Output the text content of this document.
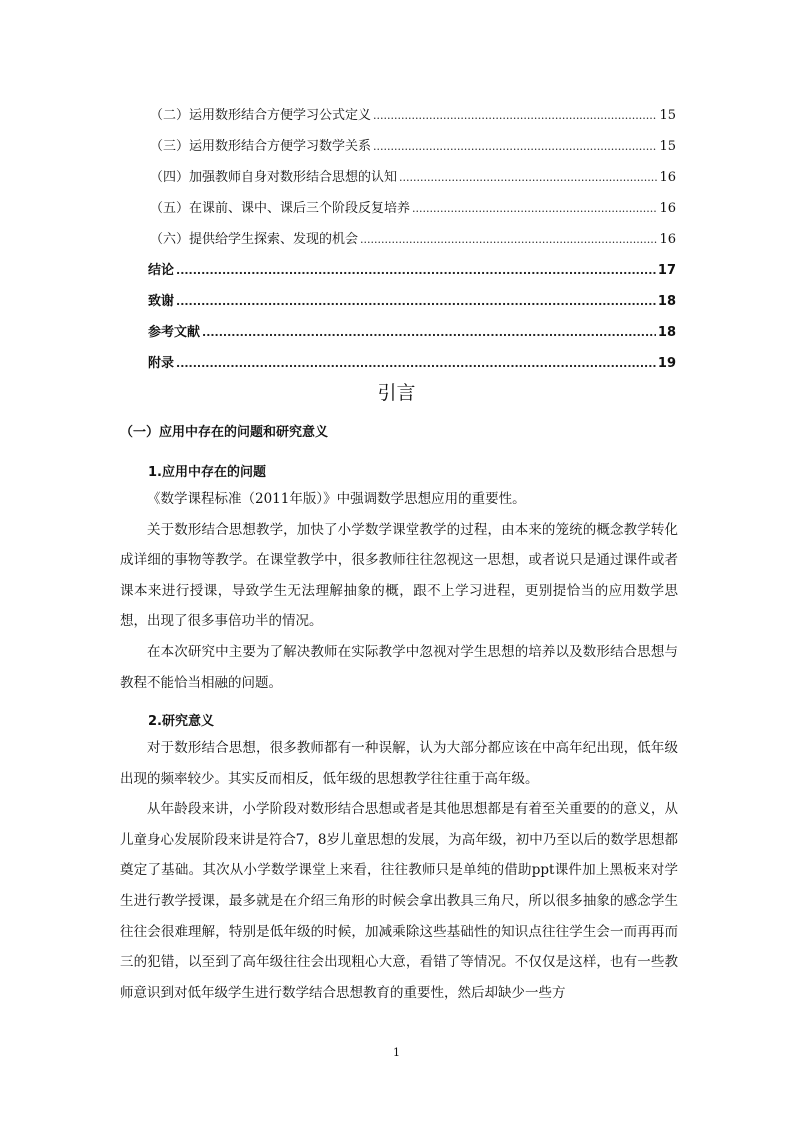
（二）运用数形结合方便学习公式定义 .....	15
（三）运用数形结合方便学习数学关系 .....	15
（四）加强教师自身对数形结合思想的认知 .....	16
（五）在课前、课中、课后三个阶段反复培养 .....	16
（六）提供给学生探索、发现的机会 .....	16
结论 .....	17
致谢 .....	18
参考文献 .....	18
附录 .....	19
引言
（一）应用中存在的问题和研究意义
1.应用中存在的问题

《数学课程标准（2011年版）》中强调数学思想应用的重要性。

关于数形结合思想教学，加快了小学数学课堂教学的过程，由本来的笼统的概念教学转化成详细的事物等教学。在课堂教学中，很多教师往往忽视这一思想，或者说只是通过课件或者课本来进行授课，导致学生无法理解抽象的概，跟不上学习进程，更别提恰当的应用数学思想，出现了很多事倍功半的情况。

在本次研究中主要为了解决教师在实际教学中忽视对学生思想的培养以及数形结合思想与教程不能恰当相融的问题。

2.研究意义

对于数形结合思想，很多教师都有一种误解，认为大部分都应该在中高年纪出现，低年级出现的频率较少。其实反而相反，低年级的思想教学往往重于高年级。

从年龄段来讲，小学阶段对数形结合思想或者是其他思想都是有着至关重要的的意义，从儿童身心发展阶段来讲是符合7，8岁儿童思想的发展，为高年级，初中乃至以后的数学思想都奠定了基础。其次从小学数学课堂上来看，往往教师只是单纯的借助ppt课件加上黑板来对学生进行教学授课，最多就是在介绍三角形的时候会拿出教具三角尺，所以很多抽象的感念学生往往会很难理解，特别是低年级的时候，加减乘除这些基础性的知识点往往学生会一而再再而三的犯错，以至到了高年级往往会出现粗心大意，看错了等情况。不仅仅是这样，也有一些教师意识到对低年级学生进行数学结合思想教育的重要性，然后却缺少一些方

1
